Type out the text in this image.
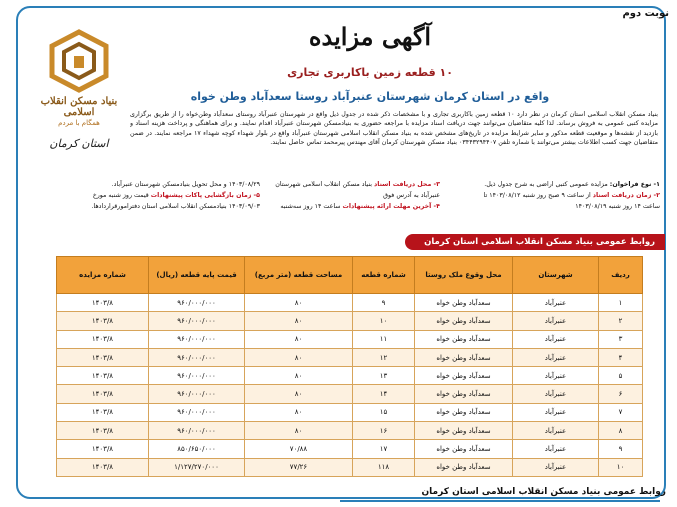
نوبت دوم
بنیاد مسکن انقلاب اسلامی
همگام با مردم
استان کرمان
آگهی مزایده
۱۰ قطعه زمین باکاربری تجاری
واقع در استان کرمان شهرستان عنبرآباد روستا سعدآباد وطن خواه
بنیاد مسکن انقلاب اسلامی استان کرمان در نظر دارد ۱۰ قطعه زمین باکاربری تجاری و با مشخصات ذکر شده در جدول ذیل واقع در شهرستان عنبرآباد روستای سعدآباد وطن‌خواه را از طریق برگزاری مزایده کتبی عمومی به فروش برساند. لذا کلیه متقاضیان می‌توانند جهت دریافت اسناد مزایده با مراجعه حضوری به بنیادمسکن شهرستان عنبرآباد اقدام نمایند. و برای هماهنگی و پرداخت هزینه اسناد و بازدید از نقشه‌ها و موقعیت قطعه مذکور و سایر شرایط مزایده در تاریخ‌های مشخص شده به بنیاد مسکن انقلاب اسلامی شهرستان عنبرآباد واقع در بلوار شهداء کوچه شهداء ۱۷ مراجعه نمایند. در ضمن متقاضیان جهت کسب اطلاعات بیشتر می‌توانند با شماره تلفن ۰۳۴۴۳۲۹۴۴۰۷ بنیاد مسکن شهرستان کرمان آقای مهندس پیرمحمد تماس حاصل نمایند.
۱- نوع فراخوان: مزایده عمومی کتبی اراضی به شرح جدول ذیل.
۲- زمان دریافت اسناد از ساعت ۹ صبح روز شنبه ۱۴۰۳/۰۸/۱۲ تا
ساعت ۱۴ روز شنبه ۱۴۰۳/۰۸/۱۹
۳- محل دریافت اسناد بنیاد مسکن انقلاب اسلامی شهرستان
عنبرآباد به آدرس فوق
۴- آخرین مهلت ارائه پیشنهادات ساعت ۱۴ روز سه‌شنبه
۱۴۰۳/۰۸/۲۹ و محل تحویل بنیادمسکن شهرستان عنبرآباد.
۵- زمان بازگشایی پاکات پیشنهادات قیمت روز شنبه مورخ
۱۴۰۳/۰۹/۰۳ بنیادمسکن انقلاب اسلامی استان دفترامورقراردادها.
روابط عمومی بنیاد مسکن انقلاب اسلامی استان کرمان
ردیف	شهرستان	محل وقوع ملک روستا	شماره قطعه	مساحت قطعه (متر مربع)	قیمت پایه قطعه (ریال)	شماره مزایده
۱	عنبرآباد	سعدآباد وطن خواه	۹	۸۰	۹۶۰/۰۰۰/۰۰۰	۱۴۰۳/۸
۲	عنبرآباد	سعدآباد وطن خواه	۱۰	۸۰	۹۶۰/۰۰۰/۰۰۰	۱۴۰۳/۸
۳	عنبرآباد	سعدآباد وطن خواه	۱۱	۸۰	۹۶۰/۰۰۰/۰۰۰	۱۴۰۳/۸
۴	عنبرآباد	سعدآباد وطن خواه	۱۲	۸۰	۹۶۰/۰۰۰/۰۰۰	۱۴۰۳/۸
۵	عنبرآباد	سعدآباد وطن خواه	۱۳	۸۰	۹۶۰/۰۰۰/۰۰۰	۱۴۰۳/۸
۶	عنبرآباد	سعدآباد وطن خواه	۱۴	۸۰	۹۶۰/۰۰۰/۰۰۰	۱۴۰۳/۸
۷	عنبرآباد	سعدآباد وطن خواه	۱۵	۸۰	۹۶۰/۰۰۰/۰۰۰	۱۴۰۳/۸
۸	عنبرآباد	سعدآباد وطن خواه	۱۶	۸۰	۹۶۰/۰۰۰/۰۰۰	۱۴۰۳/۸
۹	عنبرآباد	سعدآباد وطن خواه	۱۷	۷۰/۸۸	۸۵۰/۶۵۰/۰۰۰	۱۴۰۳/۸
۱۰	عنبرآباد	سعدآباد وطن خواه	۱۱۸	۷۷/۲۶	۱/۱۲۷/۲۷۰/۰۰۰	۱۴۰۳/۸
روابط عمومی بنیاد مسکن انقلاب اسلامی استان کرمان
